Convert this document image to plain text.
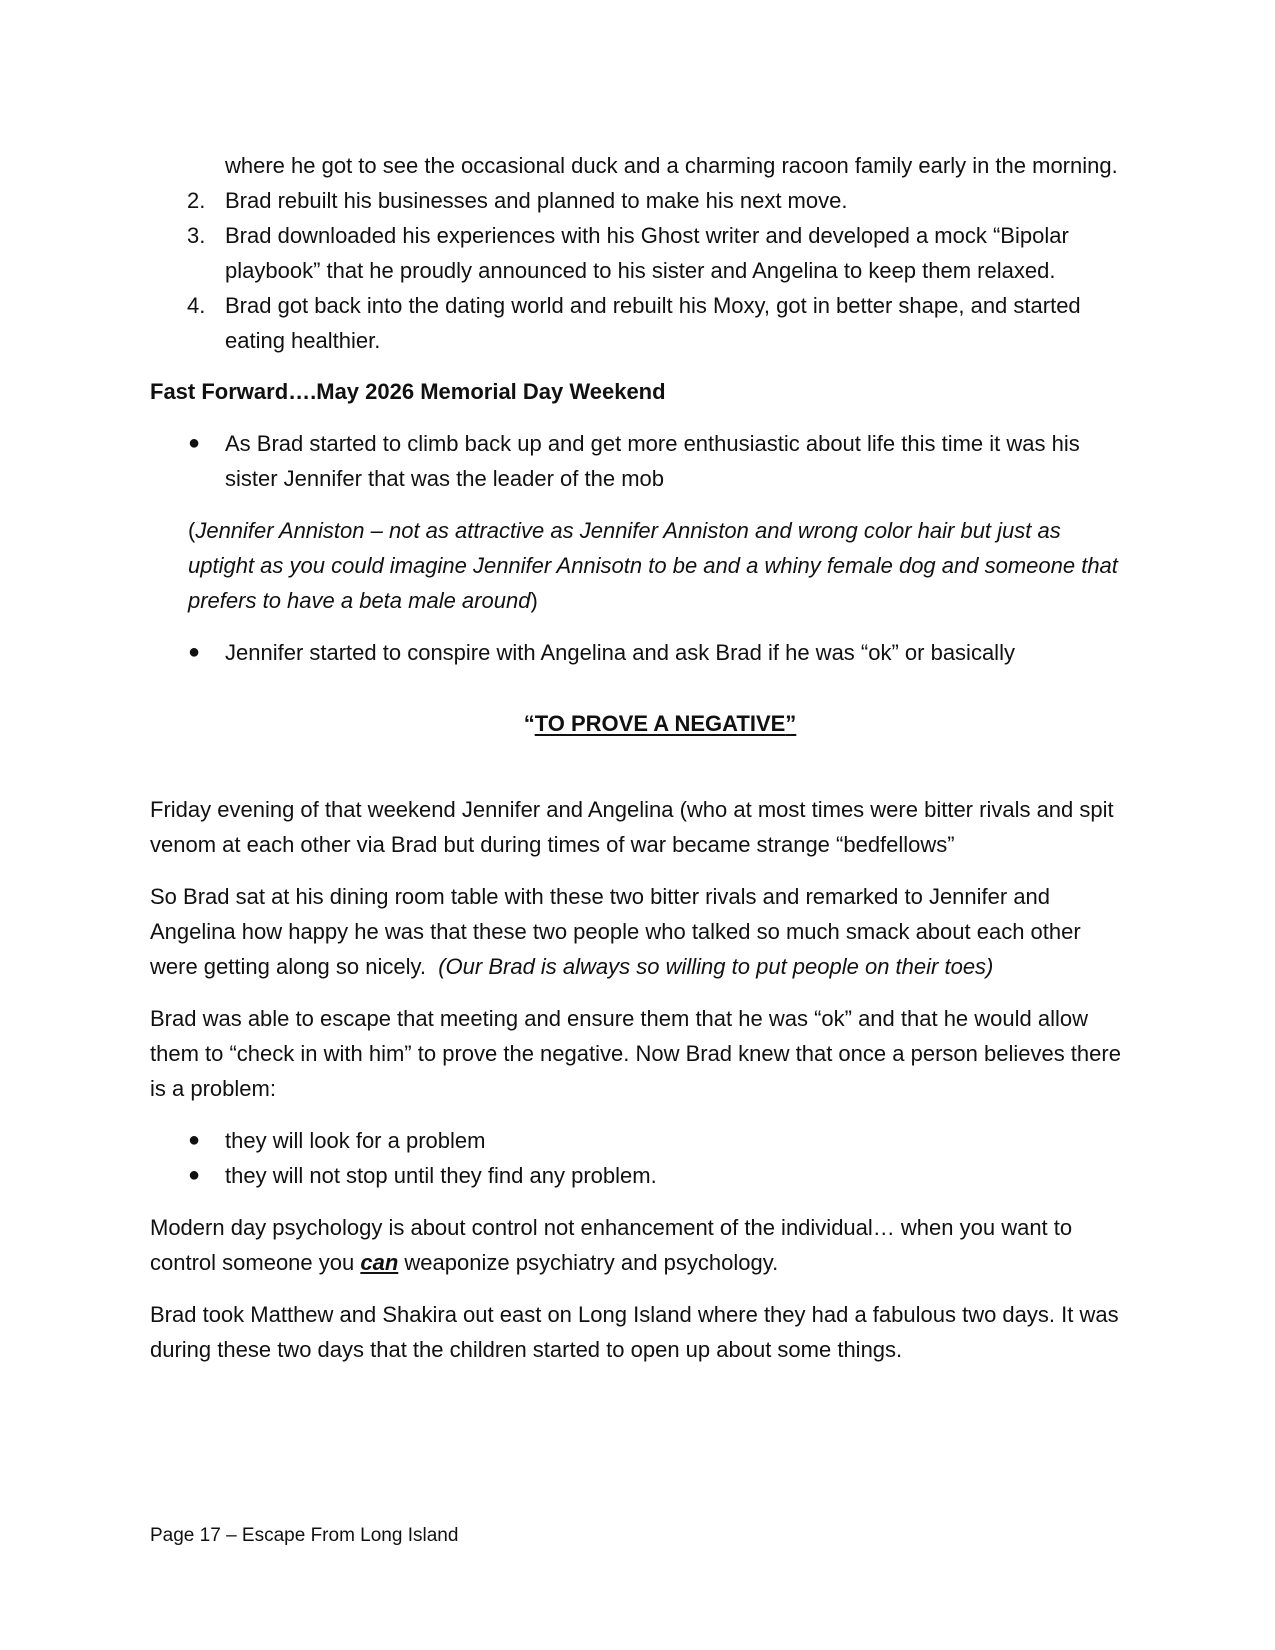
where he got to see the occasional duck and a charming racoon family early in the morning.
2. Brad rebuilt his businesses and planned to make his next move.
3. Brad downloaded his experiences with his Ghost writer and developed a mock “Bipolar playbook” that he proudly announced to his sister and Angelina to keep them relaxed.
4. Brad got back into the dating world and rebuilt his Moxy, got in better shape, and started eating healthier.
Fast Forward….May 2026 Memorial Day Weekend
● As Brad started to climb back up and get more enthusiastic about life this time it was his sister Jennifer that was the leader of the mob
(Jennifer Anniston – not as attractive as Jennifer Anniston and wrong color hair but just as uptight as you could imagine Jennifer Annisotn to be and a whiny female dog and someone that prefers to have a beta male around)
● Jennifer started to conspire with Angelina and ask Brad if he was “ok” or basically
“TO PROVE A NEGATIVE”
Friday evening of that weekend Jennifer and Angelina (who at most times were bitter rivals and spit venom at each other via Brad but during times of war became strange “bedfellows”
So Brad sat at his dining room table with these two bitter rivals and remarked to Jennifer and Angelina how happy he was that these two people who talked so much smack about each other were getting along so nicely. (Our Brad is always so willing to put people on their toes)
Brad was able to escape that meeting and ensure them that he was “ok” and that he would allow them to “check in with him” to prove the negative. Now Brad knew that once a person believes there is a problem:
● they will look for a problem
● they will not stop until they find any problem.
Modern day psychology is about control not enhancement of the individual… when you want to control someone you can weaponize psychiatry and psychology.
Brad took Matthew and Shakira out east on Long Island where they had a fabulous two days. It was during these two days that the children started to open up about some things.
Page 17 – Escape From Long Island
